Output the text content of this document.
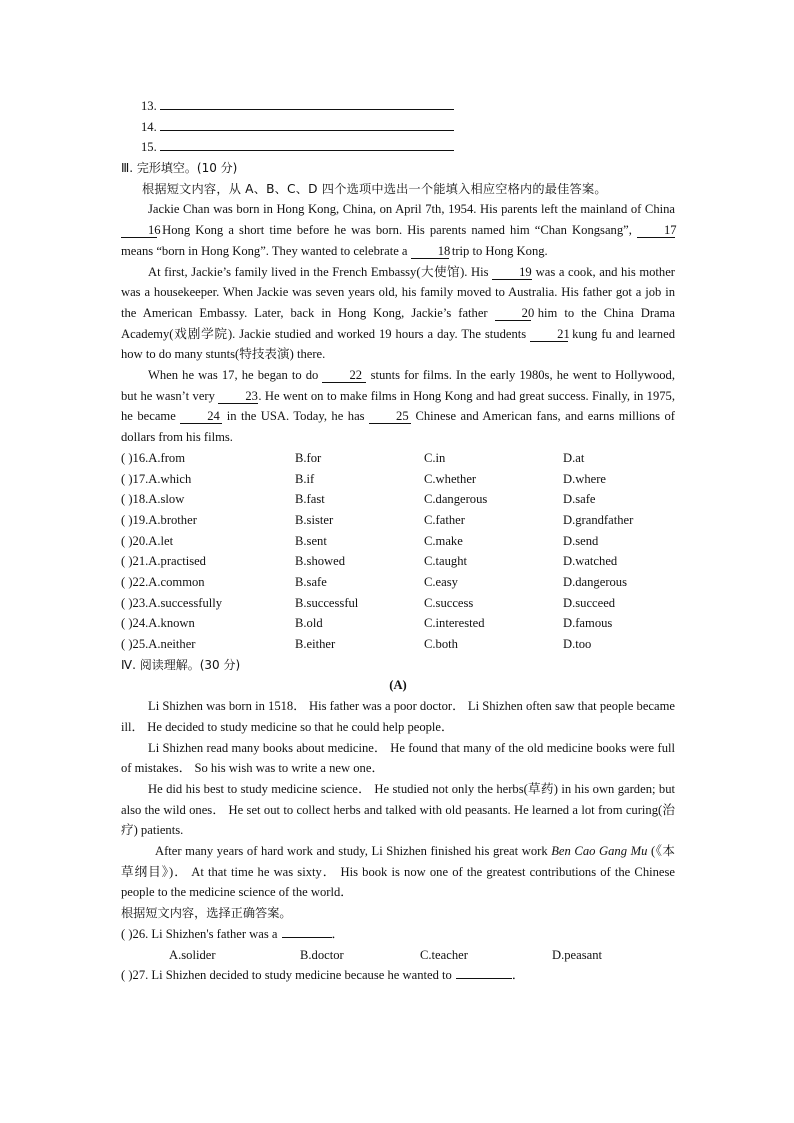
13.
14.
15.
Ⅲ. 完形填空。(10 分)
根据短文内容，从 A、B、C、D 四个选项中选出一个能填入相应空格内的最佳答案。

Jackie Chan was born in Hong Kong, China, on April 7th, 1954. His parents left the mainland of China 16 Hong Kong a short time before he was born. His parents named him “Chan Kongsang”, 17 means “born in Hong Kong”. They wanted to celebrate a 18 trip to Hong Kong.

At first, Jackie’s family lived in the French Embassy(大使馆). His 19 was a cook, and his mother was a housekeeper. When Jackie was seven years old, his family moved to Australia. His father got a job in the American Embassy. Later, back in Hong Kong, Jackie’s father 20 him to the China Drama Academy(戏剧学院). Jackie studied and worked 19 hours a day. The students 21 kung fu and learned how to do many stunts(特技表演) there.

When he was 17, he began to do 22 stunts for films. In the early 1980s, he went to Hollywood, but he wasn’t very 23. He went on to make films in Hong Kong and had great success. Finally, in 1975, he became 24 in the USA. Today, he has 25 Chinese and American fans, and earns millions of dollars from his films.

( )16.A.from	B.for	C.in	D.at
( )17.A.which	B.if	C.whether	D.where
( )18.A.slow	B.fast	C.dangerous	D.safe
( )19.A.brother	B.sister	C.father	D.grandfather
( )20.A.let	B.sent	C.make	D.send
( )21.A.practised	B.showed	C.taught	D.watched
( )22.A.common	B.safe	C.easy	D.dangerous
( )23.A.successfully	B.successful	C.success	D.succeed
( )24.A.known	B.old	C.interested	D.famous
( )25.A.neither	B.either	C.both	D.too
Ⅳ. 阅读理解。(30 分)
(A)

Li Shizhen was born in 1518． His father was a poor doctor． Li Shizhen often saw that people became ill． He decided to study medicine so that he could help people．

Li Shizhen read many books about medicine． He found that many of the old medicine books were full of mistakes． So his wish was to write a new one．

He did his best to study medicine science． He studied not only the herbs(草药) in his own garden; but also the wild ones． He set out to collect herbs and talked with old peasants. He learned a lot from curing(治疗) patients.

After many years of hard work and study, Li Shizhen finished his great work Ben Cao Gang Mu (《本草纲目》)． At that time he was sixty． His book is now one of the greatest contributions of the Chinese people to the medicine science of the world．

根据短文内容，选择正确答案。
( )26. Li Shizhen's father was a	．
A.solider	B.doctor	C.teacher	D.peasant
( )27. Li Shizhen decided to study medicine because he wanted to	．
